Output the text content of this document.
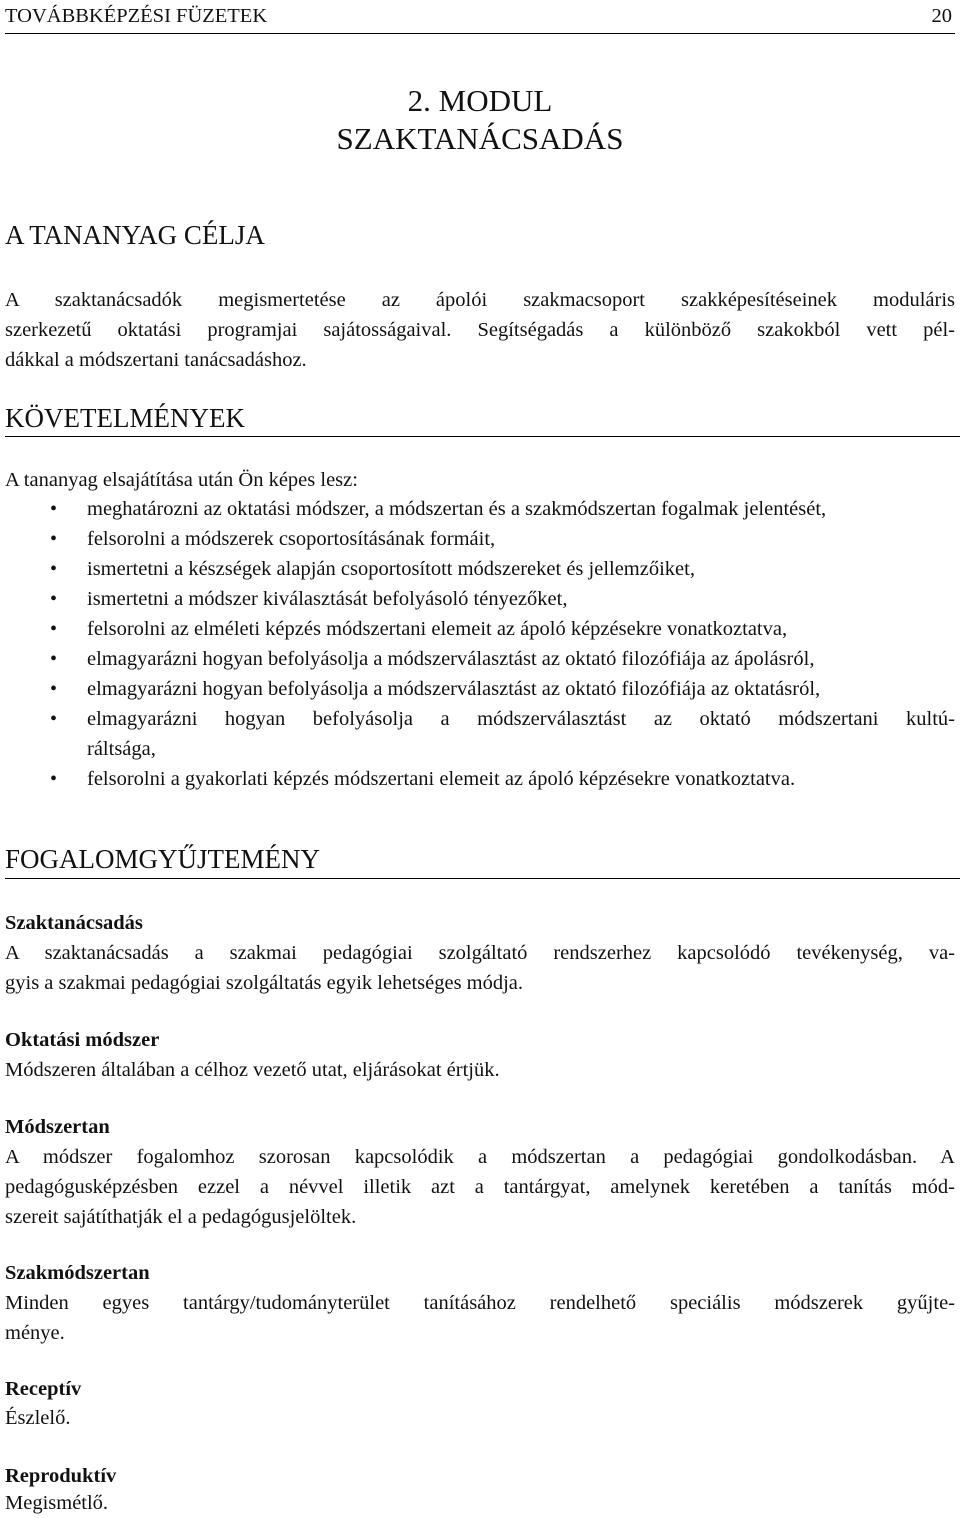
TOVÁBBKÉPZÉSI FÜZETEK	20
2. MODUL
SZAKTANÁCSADÁS
A TANANYAG CÉLJA
A szaktanácsadók megismertetése az ápolói szakmacsoport szakképesítéseinek moduláris
szerkezetű oktatási programjai sajátosságaival. Segítségadás a különböző szakokból vett pél-
dákkal a módszertani tanácsadáshoz.
KÖVETELMÉNYEK
A tananyag elsajátítása után Ön képes lesz:
• meghatározni az oktatási módszer, a módszertan és a szakmódszertan fogalmak jelentését,
• felsorolni a módszerek csoportosításának formáit,
• ismertetni a készségek alapján csoportosított módszereket és jellemzőiket,
• ismertetni a módszer kiválasztását befolyásoló tényezőket,
• felsorolni az elméleti képzés módszertani elemeit az ápoló képzésekre vonatkoztatva,
• elmagyarázni hogyan befolyásolja a módszerválasztást az oktató filozófiája az ápolásról,
• elmagyarázni hogyan befolyásolja a módszerválasztást az oktató filozófiája az oktatásról,
• elmagyarázni hogyan befolyásolja a módszerválasztást az oktató módszertani kultú-
ráltsága,
• felsorolni a gyakorlati képzés módszertani elemeit az ápoló képzésekre vonatkoztatva.
FOGALOMGYŰJTEMÉNY
Szaktanácsadás
A szaktanácsadás a szakmai pedagógiai szolgáltató rendszerhez kapcsolódó tevékenység, va-
gyis a szakmai pedagógiai szolgáltatás egyik lehetséges módja.
Oktatási módszer
Módszeren általában a célhoz vezető utat, eljárásokat értjük.
Módszertan
A módszer fogalomhoz szorosan kapcsolódik a módszertan a pedagógiai gondolkodásban. A
pedagógusképzésben ezzel a névvel illetik azt a tantárgyat, amelynek keretében a tanítás mód-
szereit sajátíthatják el a pedagógusjelöltek.
Szakmódszertan
Minden egyes tantárgy/tudományterület tanításához rendelhető speciális módszerek gyűjte-
ménye.
Receptív
Észlelő.
Reproduktív
Megismétlő.
